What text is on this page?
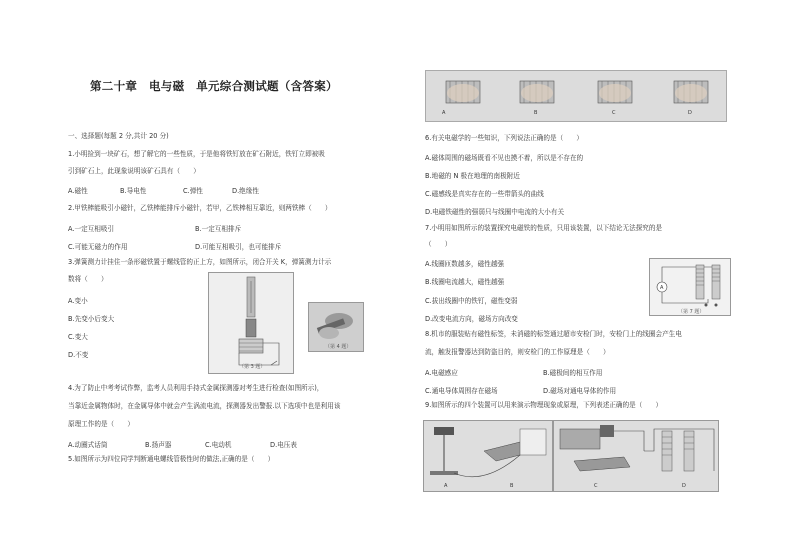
第二十章　电与磁　单元综合测试题（含答案）
一、选择题(每题 2 分,共计 20 分)
1.小明捡到一块矿石，想了解它的一些性质，于是他将铁钉放在矿石附近，铁钉立即被吸
引到矿石上，此现象说明该矿石具有（　　）
A.磁性	B.导电性	C.弹性	D.绝缘性
2.甲铁棒能吸引小磁针，乙铁棒能排斥小磁针，若甲，乙铁棒相互靠近，则两铁棒（　　）
A.一定互相吸引	B.一定互相排斥
C.可能无磁力的作用	D.可能互相吸引，也可能排斥
3.弹簧测力计挂住一条形磁铁置于螺线管的正上方，如图所示，闭合开关 K，弹簧测力计示
数将（　　）
A.变小
B.先变小后变大
C.变大
D.不变
（第 3 题）
（第 4 题）
4.为了防止中考考试作弊，监考人员利用手持式金属探测器对考生进行检查(如图所示)，
当靠近金属物体时，在金属导体中就会产生涡流电流，探测器发出警报.以下选项中也是利用该
原理工作的是（　　）
A.动圈式话筒	B.扬声器	C.电动机	D.电压表
5.如图所示为四位同学判断通电螺线管极性时的做法,正确的是（　　）
A	B	C	D
6.有关电磁学的一些知识，下列说法正确的是（　　）
A.磁体周围的磁场既看不见也摸不着，所以是不存在的
B.地磁的 N 极在地理的南极附近
C.磁感线是真实存在的一些带箭头的曲线
D.电磁铁磁性的强弱只与线圈中电流的大小有关
7.小明用如图所示的装置探究电磁铁的性质，只用该装置，以下结论无法探究的是
（　　）
A.线圈匝数越多，磁性越强
B.线圈电流越大，磁性越强
C.拔出线圈中的铁钉，磁性变弱
D.改变电流方向，磁场方向改变
A
（第 7 题）
8.机市的服装贴有磁性标签，未消磁的标签通过超市安检门时，安检门上的线圈会产生电
流，触发报警器达到防盗目的，则安检门的工作原理是（　　）
A.电磁感应	B.磁极间的相互作用
C.通电导体周围存在磁场	D.磁场对通电导体的作用
9.如图所示的四个装置可以用来演示物理现象或原理，下列表述正确的是（　　）
A	B	C	D
